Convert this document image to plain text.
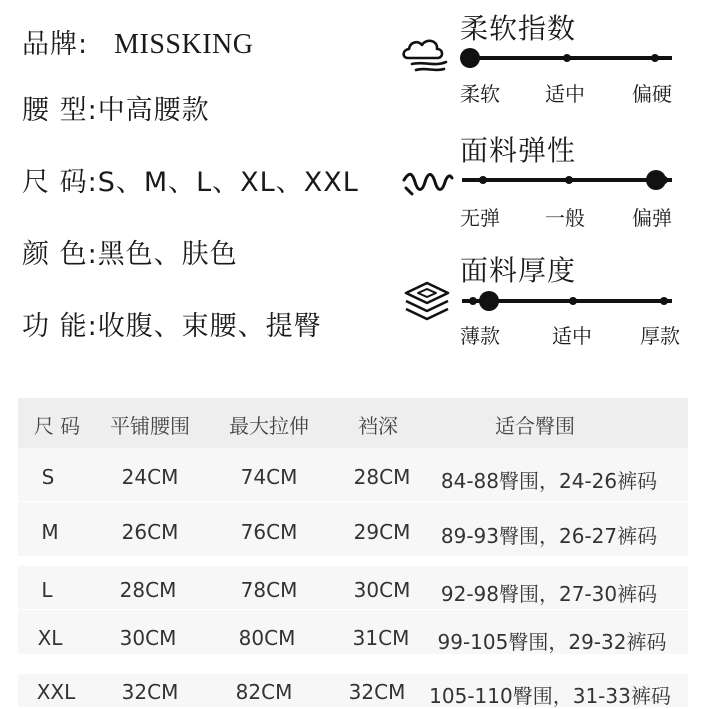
品牌: MISSKING
腰 型:中高腰款
尺 码:S、M、L、XL、XXL
颜 色:黑色、肤色
功 能:收腹、束腰、提臀
柔软指数
柔软 适中 偏硬
面料弹性
无弹 一般 偏弹
面料厚度
薄款	适中 厚款
尺 码 平铺腰围 最大拉伸 裆深	适合臀围
S	24CM	74CM	28CM 84-88臀围，24-26裤码
M	26CM	76CM	29CM 89-93臀围，26-27裤码
L	28CM	78CM	30CM 92-98臀围，27-30裤码
XL	30CM	80CM	31CM 99-105臀围，29-32裤码
XXL 32CM	82CM	32CM 105-110臀围，31-33裤码
